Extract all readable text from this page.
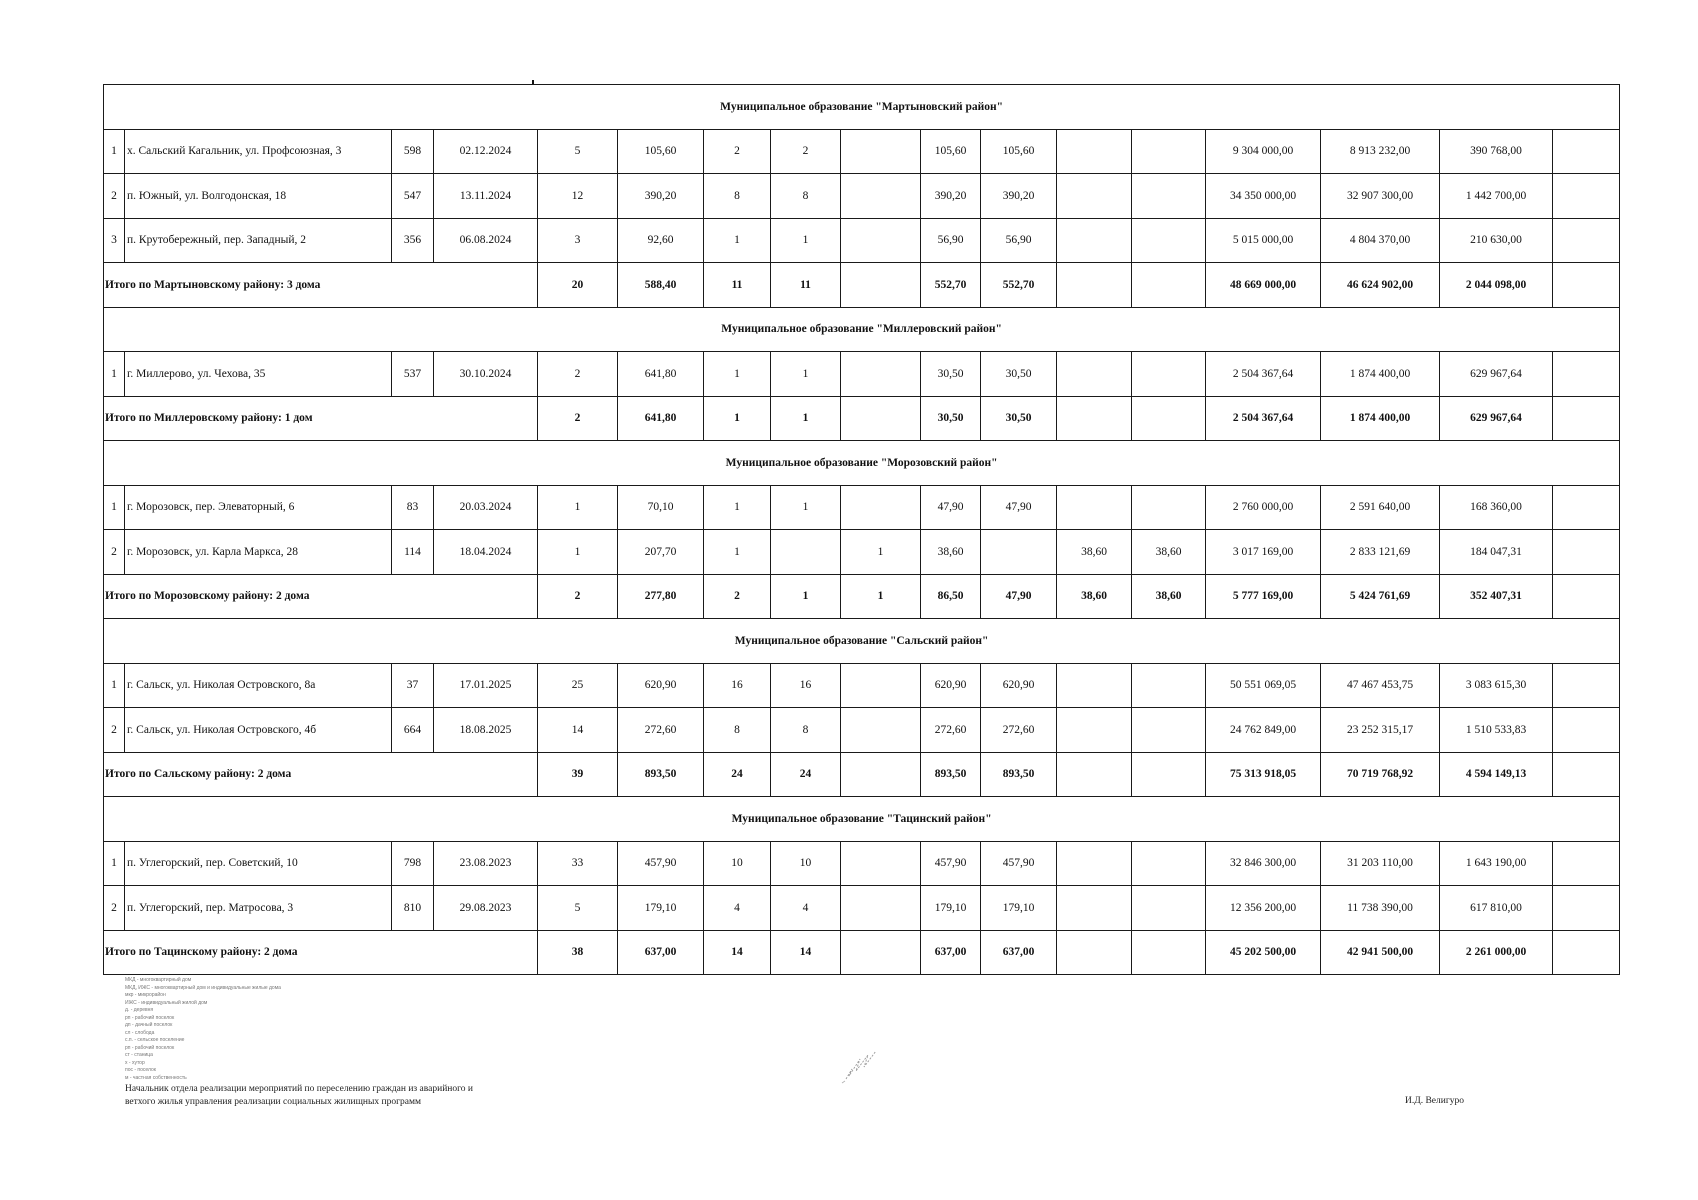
Муниципальное образование "Мартыновский район"																
1	х. Сальский Кагальник, ул. Профсоюзная, 3	598	02.12.2024	5	105,60	2	2		105,60	105,60			9 304 000,00	8 913 232,00	390 768,00	
2	п. Южный, ул. Волгодонская, 18	547	13.11.2024	12	390,20	8	8		390,20	390,20			34 350 000,00	32 907 300,00	1 442 700,00	
3	п. Крутобережный, пер. Западный, 2	356	06.08.2024	3	92,60	1	1		56,90	56,90			5 015 000,00	4 804 370,00	210 630,00	
Итого по Мартыновскому району: 3 дома				20	588,40	11	11		552,70	552,70			48 669 000,00	46 624 902,00	2 044 098,00	
Муниципальное образование "Миллеровский район"																
1	г. Миллерово, ул. Чехова, 35	537	30.10.2024	2	641,80	1	1		30,50	30,50			2 504 367,64	1 874 400,00	629 967,64	
Итого по Миллеровскому району: 1 дом				2	641,80	1	1		30,50	30,50			2 504 367,64	1 874 400,00	629 967,64	
Муниципальное образование "Морозовский район"																
1	г. Морозовск, пер. Элеваторный, 6	83	20.03.2024	1	70,10	1	1		47,90	47,90			2 760 000,00	2 591 640,00	168 360,00	
2	г. Морозовск, ул. Карла Маркса, 28	114	18.04.2024	1	207,70	1		1	38,60		38,60	38,60	3 017 169,00	2 833 121,69	184 047,31	
Итого по Морозовскому району: 2 дома				2	277,80	2	1	1	86,50	47,90	38,60	38,60	5 777 169,00	5 424 761,69	352 407,31	
Муниципальное образование "Сальский район"																
1	г. Сальск, ул. Николая Островского, 8а	37	17.01.2025	25	620,90	16	16		620,90	620,90			50 551 069,05	47 467 453,75	3 083 615,30	
2	г. Сальск, ул. Николая Островского, 4б	664	18.08.2025	14	272,60	8	8		272,60	272,60			24 762 849,00	23 252 315,17	1 510 533,83	
Итого по Сальскому району: 2 дома				39	893,50	24	24		893,50	893,50			75 313 918,05	70 719 768,92	4 594 149,13	
Муниципальное образование "Тацинский район"																
1	п. Углегорский, пер. Советский, 10	798	23.08.2023	33	457,90	10	10		457,90	457,90			32 846 300,00	31 203 110,00	1 643 190,00	
2	п. Углегорский, пер. Матросова, 3	810	29.08.2023	5	179,10	4	4		179,10	179,10			12 356 200,00	11 738 390,00	617 810,00	
Итого по Тацинскому району: 2 дома				38	637,00	14	14		637,00	637,00			45 202 500,00	42 941 500,00	2 261 000,00	
МКД - многоквартирный дом
МКД, ИЖС - многоквартирный дом и индивидуальные жилые дома
мкр - микрорайон
ИЖС - индивидуальный жилой дом
д. - деревня
рп - рабочий поселок
дп - дачный поселок
сл - слобода
с.п. - сельское поселение
рп - рабочий поселок
ст - станица
х - хутор
пос - поселок
м - частная собственность
Начальник отдела реализации мероприятий по переселению граждан из аварийного и
ветхого жилья управления реализации социальных жилищных программ	И.Д. Велигуро
